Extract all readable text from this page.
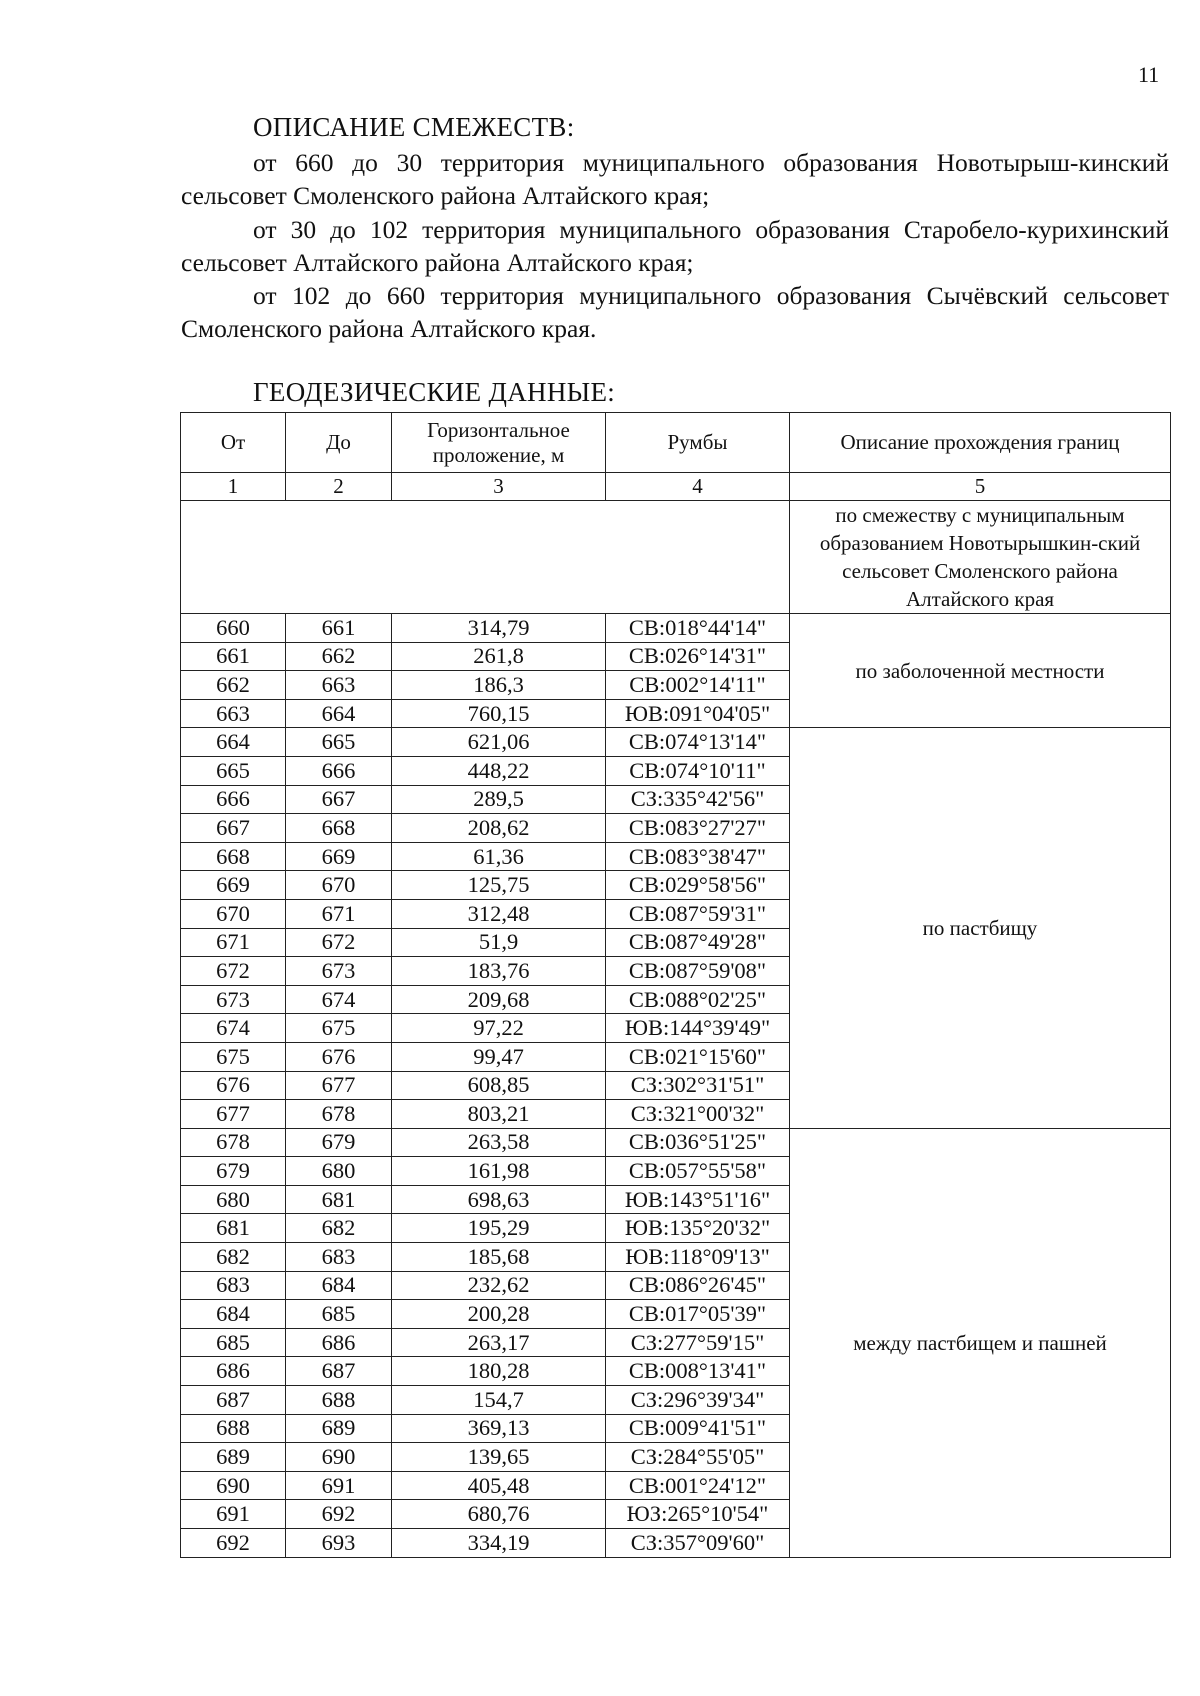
11
ОПИСАНИЕ СМЕЖЕСТВ:
от 660 до 30 территория муниципального образования Новотырыш-кинский сельсовет Смоленского района Алтайского края;
от 30 до 102 территория муниципального образования Старобело-курихинский сельсовет Алтайского района Алтайского края;
от 102 до 660 территория муниципального образования Сычёвский сельсовет Смоленского района Алтайского края.
ГЕОДЕЗИЧЕСКИЕ ДАННЫЕ:
От	До	Горизонтальное проложение, м	Румбы	Описание прохождения границ
1	2	3	4	5
				по смежеству с муниципальным образованием Новотырышкин-ский сельсовет Смоленского района Алтайского края
660	661	314,79	СВ:018°44'14"	по заболоченной местности
661	662	261,8	СВ:026°14'31"	
662	663	186,3	СВ:002°14'11"	
663	664	760,15	ЮВ:091°04'05"	
664	665	621,06	СВ:074°13'14"	по пастбищу
665	666	448,22	СВ:074°10'11"	
666	667	289,5	СЗ:335°42'56"	
667	668	208,62	СВ:083°27'27"	
668	669	61,36	СВ:083°38'47"	
669	670	125,75	СВ:029°58'56"	
670	671	312,48	СВ:087°59'31"	
671	672	51,9	СВ:087°49'28"	
672	673	183,76	СВ:087°59'08"	
673	674	209,68	СВ:088°02'25"	
674	675	97,22	ЮВ:144°39'49"	
675	676	99,47	СВ:021°15'60"	
676	677	608,85	СЗ:302°31'51"	
677	678	803,21	СЗ:321°00'32"	
678	679	263,58	СВ:036°51'25"	между пастбищем и пашней
679	680	161,98	СВ:057°55'58"	
680	681	698,63	ЮВ:143°51'16"	
681	682	195,29	ЮВ:135°20'32"	
682	683	185,68	ЮВ:118°09'13"	
683	684	232,62	СВ:086°26'45"	
684	685	200,28	СВ:017°05'39"	
685	686	263,17	СЗ:277°59'15"	
686	687	180,28	СВ:008°13'41"	
687	688	154,7	СЗ:296°39'34"	
688	689	369,13	СВ:009°41'51"	
689	690	139,65	СЗ:284°55'05"	
690	691	405,48	СВ:001°24'12"	
691	692	680,76	ЮЗ:265°10'54"	
692	693	334,19	СЗ:357°09'60"	
